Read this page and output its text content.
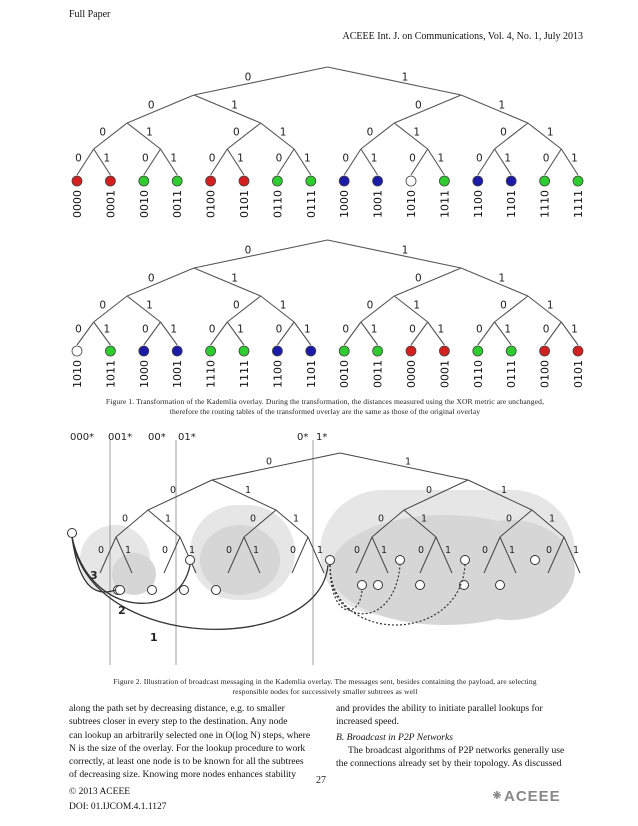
Full Paper
ACEEE Int. J. on Communications, Vol. 4, No. 1, July 2013
0	1
0	1	0	1
0	1	0	1	0	1	0	1
0 1	0 1	0 1	0 1	0 1	0 1	0 1	0 1
0000 0001 0010 0011 0100 0101 0110 0111 1000 1001 1010 1011 1100 1101 1110 1111
0	1
0	1	0	1
0	1	0	1	0	1	0	1
0 1	0 1	0 1	0 1	0 1	0 1	0 1	0 1
1010 1011 1000 1001 1110 1111 1100 1101 0010 0011 0000 0001 0110 0111 0100 0101
Figure 1. Transformation of the Kademlia overlay. During the transformation, the distances measured using the XOR metric are unchanged,
therefore the routing tables of the transformed overlay are the same as those of the original overlay
000* 001* 00* 01*	0* 1*
0	1
0	1	0	1
0	1	0	1	0	1	0	1
0 1	0 1	0 1	0 1	0 1	0 1	0 1	0 1
1
2
3
Figure 2. Illustration of broadcast messaging in the Kademlia overlay. The messages sent, besides containing the payload, are selecting
responsible nodes for successively smaller subtrees as well
along the path set by decreasing distance, e.g. to smaller
subtrees closer in every step to the destination. Any node
can lookup an arbitrarily selected one in O(log N) steps, where
N is the size of the overlay. For the lookup procedure to work
correctly, at least one node is to be known for all the subtrees
of decreasing size. Knowing more nodes enhances stability
and provides the ability to initiate parallel lookups for
increased speed.
B. Broadcast in P2P Networks
The broadcast algorithms of P2P networks generally use
the connections already set by their topology. As discussed
27
© 2013 ACEEE
DOI: 01.IJCOM.4.1.1127
ACEEE
